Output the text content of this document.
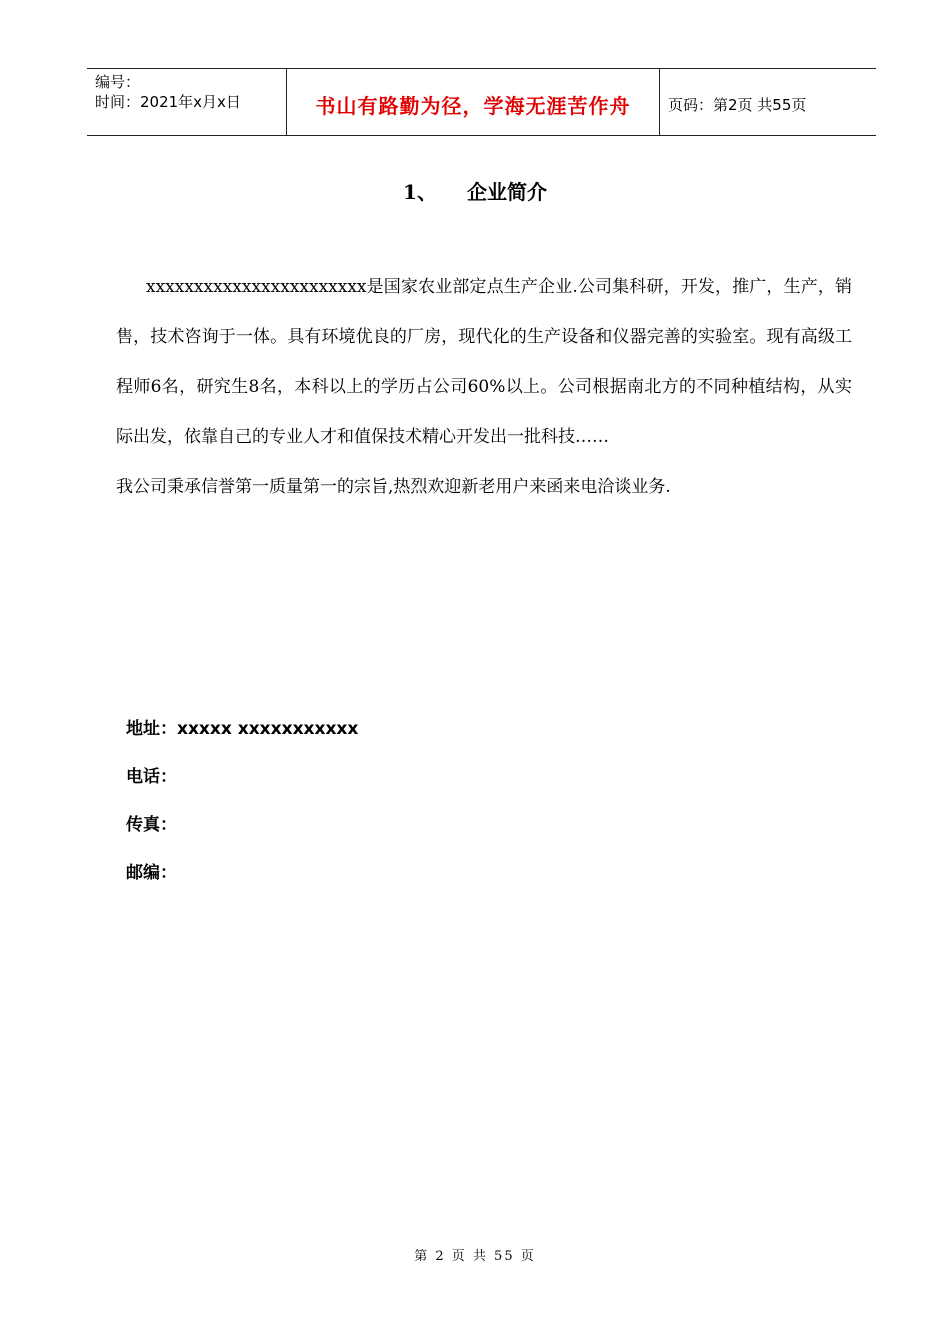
编号：
时间：2021年x月x日	书山有路勤为径，学海无涯苦作舟	页码：第2页 共55页
1、 企业简介

xxxxxxxxxxxxxxxxxxxxxxx是国家农业部定点生产企业.公司集科研，开发，推广，生产，销售，技术咨询于一体。具有环境优良的厂房，现代化的生产设备和仪器完善的实验室。现有高级工程师6名，研究生8名，本科以上的学历占公司60%以上。公司根据南北方的不同种植结构，从实际出发，依靠自己的专业人才和值保技术精心开发出一批科技……

我公司秉承信誉第一质量第一的宗旨,热烈欢迎新老用户来函来电洽谈业务.

地址：xxxxx xxxxxxxxxxx
电话：
传真：
邮编：
第 2 页 共 55 页
